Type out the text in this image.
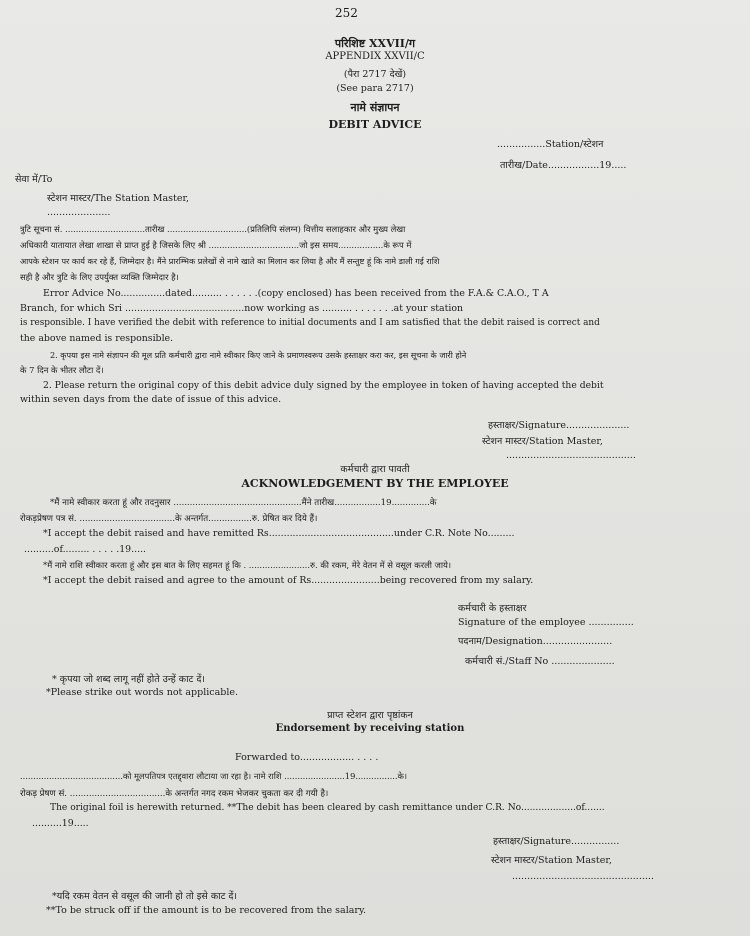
252
परिशिष्ट XXVII/ग
APPENDIX XXVII/C
(पैरा 2717 देखें)
(See para 2717)
नामे संज्ञापन
DEBIT ADVICE
................Station/स्टेशन
तारीख/Date.................19.....
सेवा में/To
स्टेशन मास्टर/The Station Master,
.....................
त्रुटि सूचना सं. ..............................तारीख ..............................(प्रतिलिपि संलग्न) वित्तीय सलाहकार और मुख्य लेखा
अधिकारी यातायात लेखा शाखा से प्राप्त हुई है जिसके लिए श्री ..................................जो इस समय.................के रूप में
आपके स्टेशन पर कार्य कर रहे हैं, जिम्मेदार है। मैंने प्रारम्भिक प्रलेखों से नामे खाते का मिलान कर लिया है और मैं सन्तुष्ट हूं कि नामे डाली गई राशि
सही है और त्रुटि के लिए उपर्युक्त व्यक्ति जिम्मेदार है।
Error Advice No...............dated.......... . . . . . .(copy enclosed) has been received from the F.A.& C.A.O., T A
Branch, for which Sri ........................................now working as .......... . . . . . . .at your station
is responsible. I have verified the debit with reference to initial documents and I am satisfied that the debit raised is correct and
the above named is responsible.
2. कृपया इस नामे संज्ञापन की मूल प्रति कर्मचारी द्वारा नामे स्वीकार किए जाने के प्रमाणस्वरूप उसके हस्ताक्षर करा कर, इस सूचना के जारी होने
के 7 दिन के भीतर लौटा दें।
2. Please return the original copy of this debit advice duly signed by the employee in token of having accepted the debit
within seven days from the date of issue of this advice.
हस्ताक्षर/Signature.....................
स्टेशन मास्टर/Station Master,
...........................................
कर्मचारी द्वारा पावती
ACKNOWLEDGEMENT BY THE EMPLOYEE
*मैं नामे स्वीकार करता हूं और तदनुसार ...............................................मैंने तारीख.................19..............के
रोकड़प्रेषण पत्र सं. ...................................के अन्तर्गत................रु. प्रेषित कर दिये हैं।
*I accept the debit raised and have remitted Rs..........................................under C.R. Note No.........
..........of......... . . . . .19.....
*मैं नामे राशि स्वीकार करता हूं और इस बात के लिए सहमत हूं कि . .......................रु. की रकम, मेरे वेतन में से वसूल करली जाये।
*I accept the debit raised and agree to the amount of Rs.......................being recovered from my salary.
कर्मचारी के हस्ताक्षर
Signature of the employee ...............
पदनाम/Designation.......................
कर्मचारी सं./Staff No .....................
* कृपया जो शब्द लागू नहीं होते उन्हें काट दें।
*Please strike out words not applicable.
प्राप्त स्टेशन द्वारा पृष्ठांकन
Endorsement by receiving station
Forwarded to.................. . . . .
.......................................को मूलपतिपत्र एतद्द्वारा लौटाया जा रहा है। नामे राशि .......................19................के।
रोकड़ प्रेषण सं. ...................................के अन्तर्गत नगद रकम भेजकर चुकता कर दी गयी है।
The original foil is herewith returned. **The debit has been cleared by cash remittance under C.R. No...................of.......
..........19.....
हस्ताक्षर/Signature................
स्टेशन मास्टर/Station Master,
...............................................
*यदि रकम वेतन से वसूल की जानी हो तो इसे काट दें।
**To be struck off if the amount is to be recovered from the salary.
